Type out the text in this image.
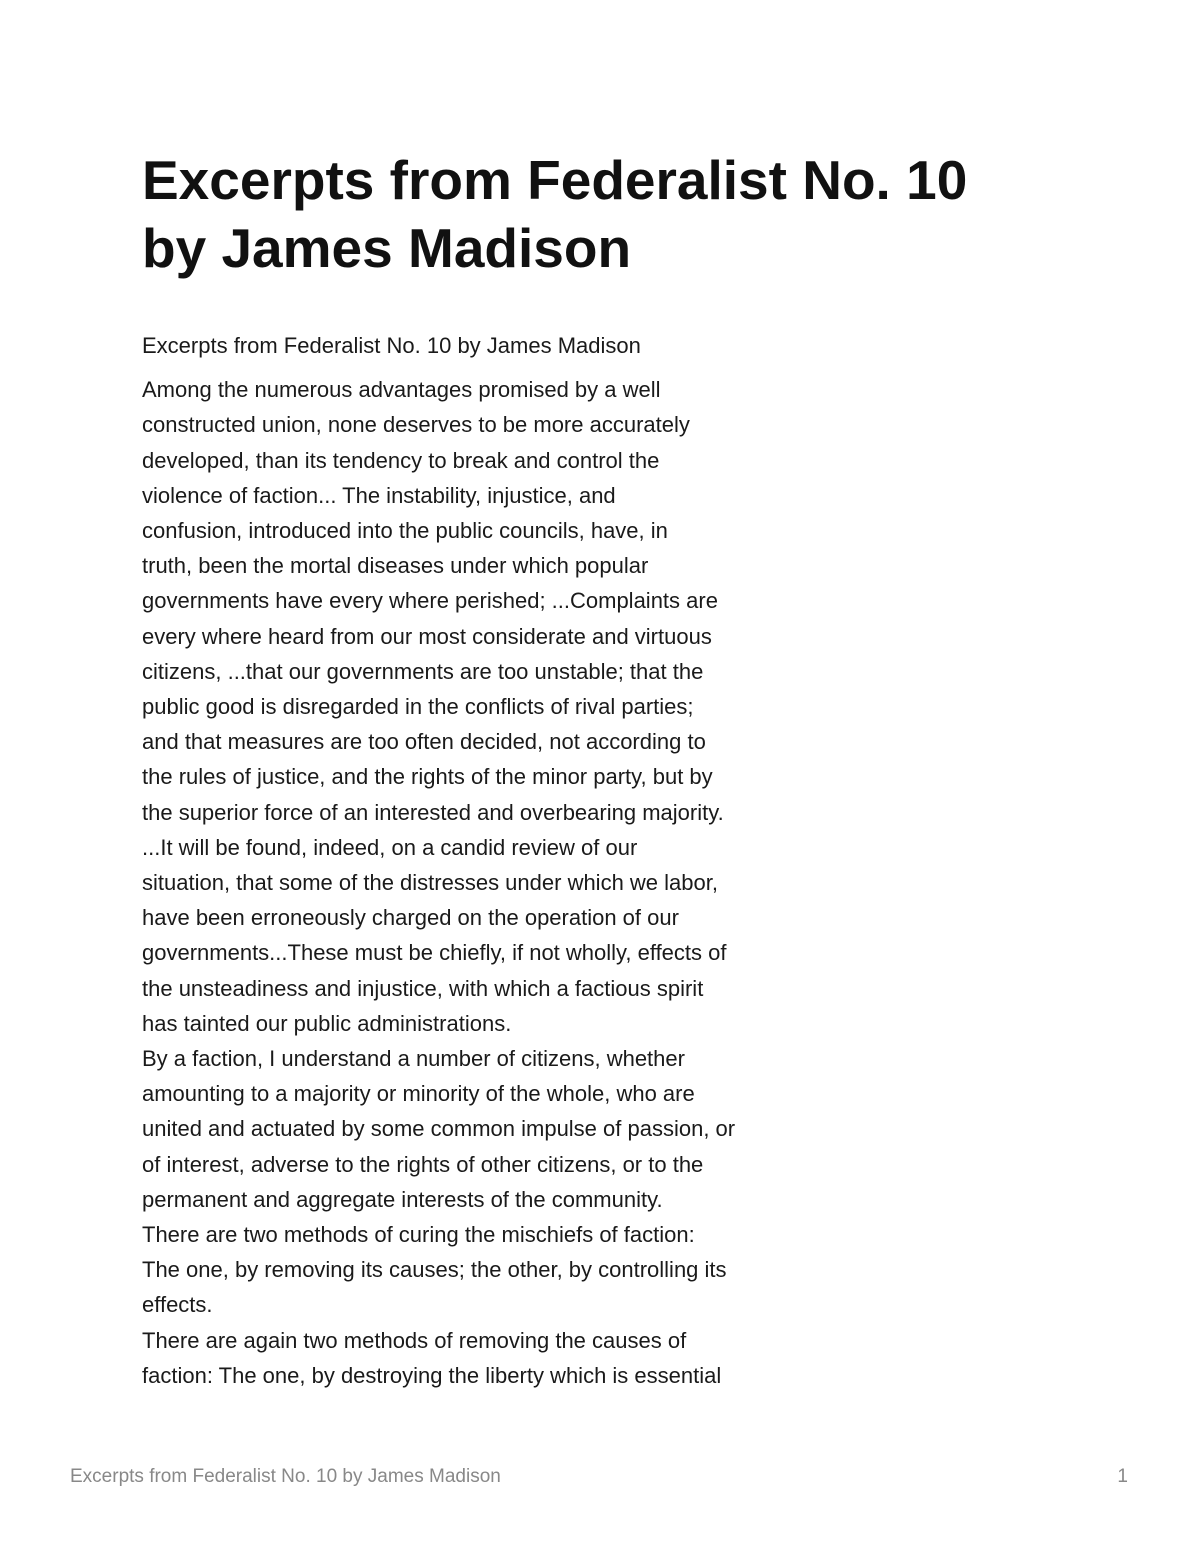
Excerpts from Federalist No. 10
by James Madison

Excerpts from Federalist No. 10 by James Madison

Among the numerous advantages promised by a well
constructed union, none deserves to be more accurately
developed, than its tendency to break and control the
violence of faction... The instability, injustice, and
confusion, introduced into the public councils, have, in
truth, been the mortal diseases under which popular
governments have every where perished; ...Complaints are
every where heard from our most considerate and virtuous
citizens, ...that our governments are too unstable; that the
public good is disregarded in the conflicts of rival parties;
and that measures are too often decided, not according to
the rules of justice, and the rights of the minor party, but by
the superior force of an interested and overbearing majority.
...It will be found, indeed, on a candid review of our
situation, that some of the distresses under which we labor,
have been erroneously charged on the operation of our
governments...These must be chiefly, if not wholly, effects of
the unsteadiness and injustice, with which a factious spirit
has tainted our public administrations.
By a faction, I understand a number of citizens, whether
amounting to a majority or minority of the whole, who are
united and actuated by some common impulse of passion, or
of interest, adverse to the rights of other citizens, or to the
permanent and aggregate interests of the community.
There are two methods of curing the mischiefs of faction:
The one, by removing its causes; the other, by controlling its
effects.
There are again two methods of removing the causes of
faction: The one, by destroying the liberty which is essential
Excerpts from Federalist No. 10 by James Madison	1
